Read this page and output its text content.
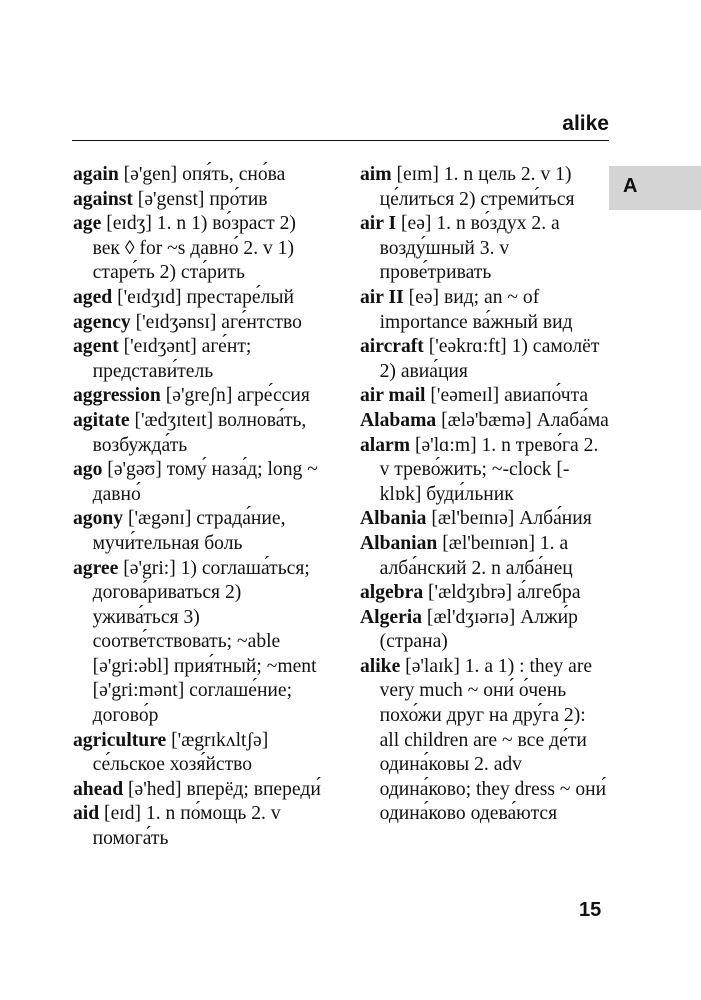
alike
A

again [ə'gen] опя́ть, сно́ва

against [ə'genst] про́тив

age [eɪdʒ] 1. n 1) во́зраст 2) век ◊ for ~s давно́ 2. v 1) старе́ть 2) ста́рить

aged ['eɪdʒɪd] престаре́лый

agency ['eɪdʒənsɪ] аге́нтство

agent ['eɪdʒənt] аге́нт; представи́тель

aggression [ə'greʃn] агре́ссия

agitate ['ædʒɪteɪt] волнова́ть, возбужда́ть

ago [ə'gəʊ] тому́ наза́д; long ~ давно́

agony ['ægənɪ] страда́ние, мучи́тельная боль

agree [ə'gri:] 1) соглаша́ться; догова́риваться 2) ужива́ться 3) соотве́тствовать; ~able [ə'gri:əbl] прия́тный; ~ment [ə'gri:mənt] соглаше́ние; догово́р

agriculture ['ægrɪkʌltʃə] се́льское хозя́йство

ahead [ə'hed] вперёд; впереди́

aid [eɪd] 1. n по́мощь 2. v помога́ть

aim [eɪm] 1. n цель 2. v 1) це́литься 2) стреми́ться

air I [eə] 1. n во́здух 2. a возду́шный 3. v прове́тривать

air II [eə] вид; an ~ of importance ва́жный вид

aircraft ['eəkrɑ:ft] 1) самолёт 2) авиа́ция

air mail ['eəmeɪl] авиапо́чта

Alabama [ælə'bæmə] Алаба́ма

alarm [ə'lɑ:m] 1. n трево́га 2. v трево́жить; ~-clock [-klɒk] буди́льник

Albania [æl'beɪnɪə] Алба́ния

Albanian [æl'beɪnɪən] 1. a алба́нский 2. n алба́нец

algebra ['ældʒɪbrə] а́лгебра

Algeria [æl'dʒɪərɪə] Алжи́р (страна)

alike [ə'laɪk] 1. a 1) : they are very much ~ они́ о́чень похо́жи друг на дру́га 2): all children are ~ все де́ти одина́ковы 2. adv одина́ково; they dress ~ они́ одина́ково одева́ются

15
